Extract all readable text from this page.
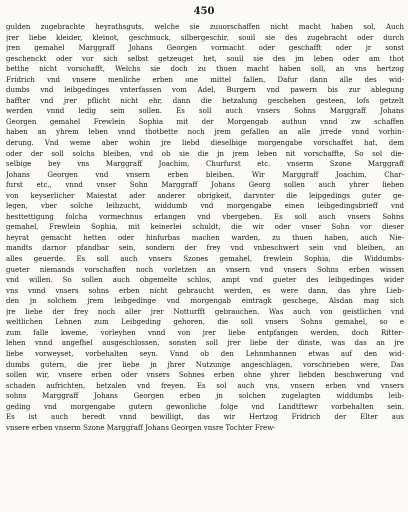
450
gulden zugebrachte heyrathsguts, welche sie zuuorschaffen nicht macht haben sol, Auch
jrer liebe kleider, kleinot, geschmuck, silbergeschir, souil sie des zugebracht oder durch
jren gemahel Marggraff Johans Georgen vormacht oder geschafft oder jr sonst
geschenckt oder vor sich selbst getzeuget het, souil sie des jm leben oder am thot
betthe nicht vorschafft, Welchs sie doch zu thuen macht haben soll, an vns hertzog
Fridrich vnd vnsere menliche erben one mittel fallen, Dafur dann alle des wid-
dumbs vnd leibgedinges vnterfassen vom Adel, Burgern vnd pawern bis zur ablegung
haffter vnd jrer pflicht nicht ehr, dann die betzalung geschehen gesteen, lofs getzelt
werden vnnd ledig sein sollen. Es soll auch vnsers Sohns Marggraff Johans
Georgen gemahel Frewlein Sophia mit der Morgengab authun vnnd zw schaffen
haben an yhrem leben vnnd thotbette noch jrem gefallen an alle jrrede vnnd vorhin-
derung. Vnd weme aber wohin jre liebd dieselbige morgengabe vorschaffet hat, dem
oder der soll solchs bleiben, vnd ob sie die jn jrem leben nit vorschaffte, So sol die-
selbige bey vns Marggraff Joachim, Churfurst etc. vnserm Szone Marggraff
Johans Georgen vnd vnsern erben bleiben. Wir Marggraff Joachim, Char-
furst etc., vnnd vnser Sohn Marggraff Johans Georg sollen auch yhrer lieben
von keyserlicher Maiestat ader anderer obrigkeit, darvnter die leipgedings guter ge-
legen, vber solche leibzucht, widdumb vnd morgengabe einen leibgedingsbrieff vnd
besttettigung folcha vormechnus erlangen vnd vbergeben. Es soll auch vnsers Sohns
gemahel, Frewlein Sophia, mit keinerlei schuldt, die wir oder vnser Sohn vor dieser
heyrat gemacht hetten oder hinfurbas machen warden, zu thuen haben, auch Nie-
mandts darnor pfandbar sein, sondern der frey vnd vnbeschwert sein vnd bleiben, an
alles geuerde. Es soll auch vnsers Szones gemahel, frewlein Sophia, die Widdumbs-
gueter niemands vorschaffen noch vorletzen an vnsern vnd vnsers Sohns erben wissen
vnd willen. So sollen auch obgemelte schlos, ampt vnd gueter des leibgedinges wider
vns vnnd vnsers sohns erben nicht gebraucht werden, es were dann, das yhre Lieb-
den jn solchem jrem leibgedinge vnd morgengab eintragk geschege, Alsdan mag sich
jre liebe der frey noch aller jrer Notturfft gebrauchen. Was auch von geistlichen vnd
weltlichen Lehnen zum Leibgeding gehoren, die soll vnsers Sohns gemahel, so e
zum falle kweme, vorleyhen vnnd von jrer liebe entpfangen werden, doch Ritter-
lehen vnnd angefhel ausgeschlossen, sonsten soll jrer liebe der dinste, was das an jre
liebe vorweyset, vorbehalten seyn. Vnnd ob den Lehnmhannen etwas auf den wid-
dumbs gutern, die jrer liebe jn jhrer Nutzunge angeschlagen, vorschrieben were, Das
sollen wir, vnsere erben oder vnsers Sohnes erben ohne yhrer liebden beschwerung vnd
schaden aufrichten, betzalen vnd freyen. Es sol auch vns, vnsern erben vnd vnsers
sohns Marggraff Johans Georgen erben jn solchen zugelagten widdumbs leib-
geding vnd morgengabe gutern gewonliche folge vnd Landtftewr vorbehalten sein.
Es ist auch beredt vnnd bewilligt, das wir Hertzog Fridrich der Elter aus
vnsere erben vnserm Szone Marggraff Johans Georgen vnsre Tochter Frew-
